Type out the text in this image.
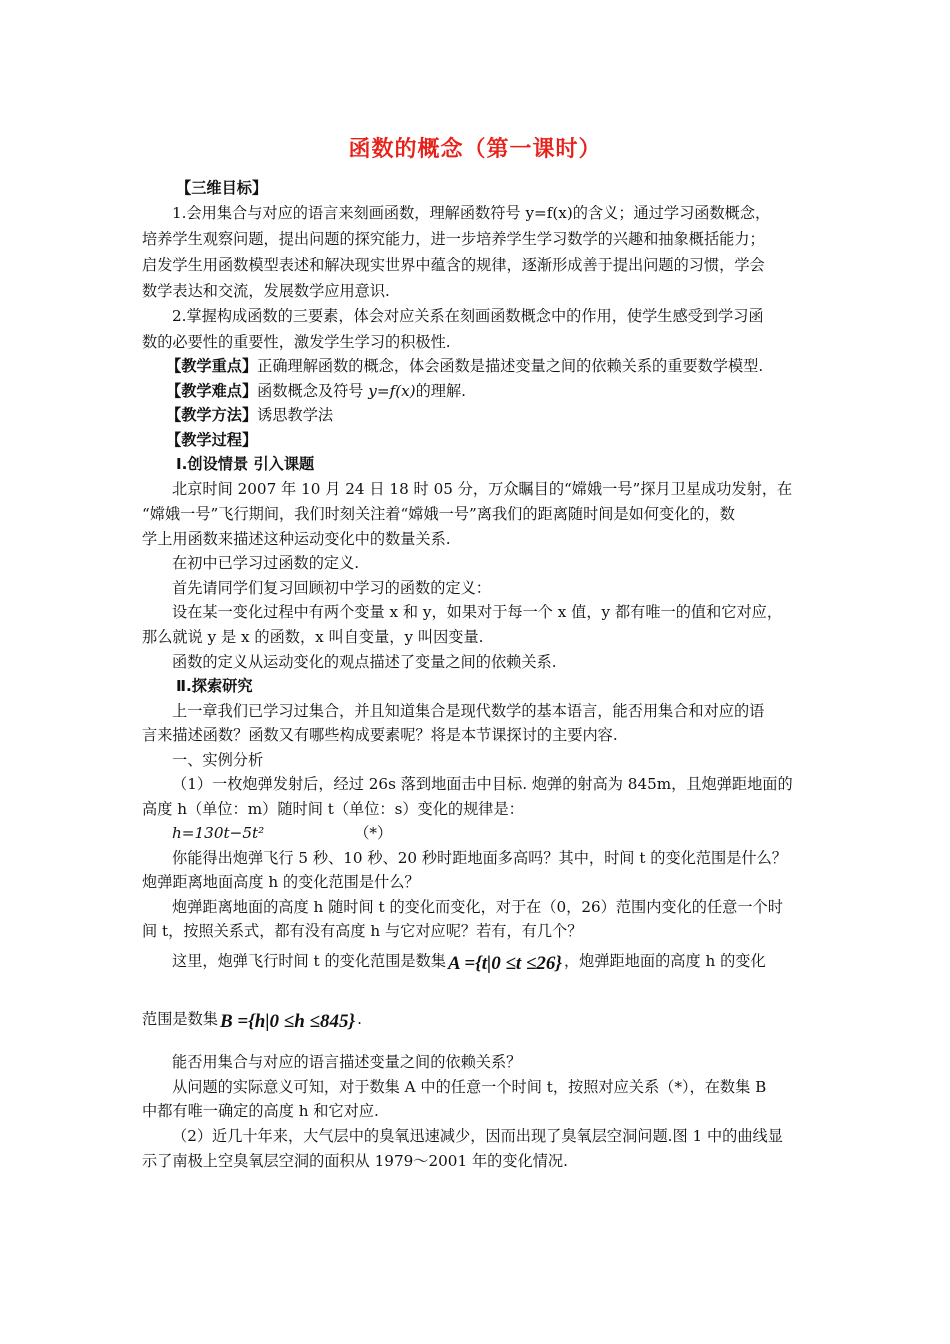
函数的概念（第一课时）
【三维目标】
1.会用集合与对应的语言来刻画函数，理解函数符号 y=f(x)的含义；通过学习函数概念，
培养学生观察问题，提出问题的探究能力，进一步培养学生学习数学的兴趣和抽象概括能力；
启发学生用函数模型表述和解决现实世界中蕴含的规律，逐渐形成善于提出问题的习惯，学会
数学表达和交流，发展数学应用意识.
2.掌握构成函数的三要素，体会对应关系在刻画函数概念中的作用，使学生感受到学习函
数的必要性的重要性，激发学生学习的积极性.
【教学重点】正确理解函数的概念，体会函数是描述变量之间的依赖关系的重要数学模型.
【教学难点】函数概念及符号 y=f(x)的理解.
【教学方法】诱思教学法
【教学过程】
Ⅰ.创设情景 引入课题
北京时间 2007 年 10 月 24 日 18 时 05 分，万众瞩目的“嫦娥一号”探月卫星成功发射，在
“嫦娥一号”飞行期间，我们时刻关注着“嫦娥一号”离我们的距离随时间是如何变化的，数
学上用函数来描述这种运动变化中的数量关系.
在初中已学习过函数的定义.
首先请同学们复习回顾初中学习的函数的定义：
设在某一变化过程中有两个变量 x 和 y，如果对于每一个 x 值，y 都有唯一的值和它对应，
那么就说 y 是 x 的函数，x 叫自变量，y 叫因变量.
函数的定义从运动变化的观点描述了变量之间的依赖关系.
Ⅱ.探索研究
上一章我们已学习过集合，并且知道集合是现代数学的基本语言，能否用集合和对应的语
言来描述函数？函数又有哪些构成要素呢？将是本节课探讨的主要内容.
一、实例分析
（1）一枚炮弹发射后，经过 26s 落到地面击中目标. 炮弹的射高为 845m，且炮弹距地面的
高度 h（单位：m）随时间 t（单位：s）变化的规律是：
h=130t−5t²	（*）
你能得出炮弹飞行 5 秒、10 秒、20 秒时距地面多高吗？其中，时间 t 的变化范围是什么？
炮弹距离地面高度 h 的变化范围是什么？
炮弹距离地面的高度 h 随时间 t 的变化而变化，对于在（0，26）范围内变化的任意一个时
间 t，按照关系式，都有没有高度 h 与它对应呢？若有，有几个？
这里，炮弹飞行时间 t 的变化范围是数集 A ={t|0 ≤t ≤26} ，炮弹距地面的高度 h 的变化
范围是数集 B ={h|0 ≤h ≤845} .
能否用集合与对应的语言描述变量之间的依赖关系？
从问题的实际意义可知，对于数集 A 中的任意一个时间 t，按照对应关系（*），在数集 B
中都有唯一确定的高度 h 和它对应.
（2）近几十年来，大气层中的臭氧迅速减少，因而出现了臭氧层空洞问题.图 1 中的曲线显
示了南极上空臭氧层空洞的面积从 1979～2001 年的变化情况.
